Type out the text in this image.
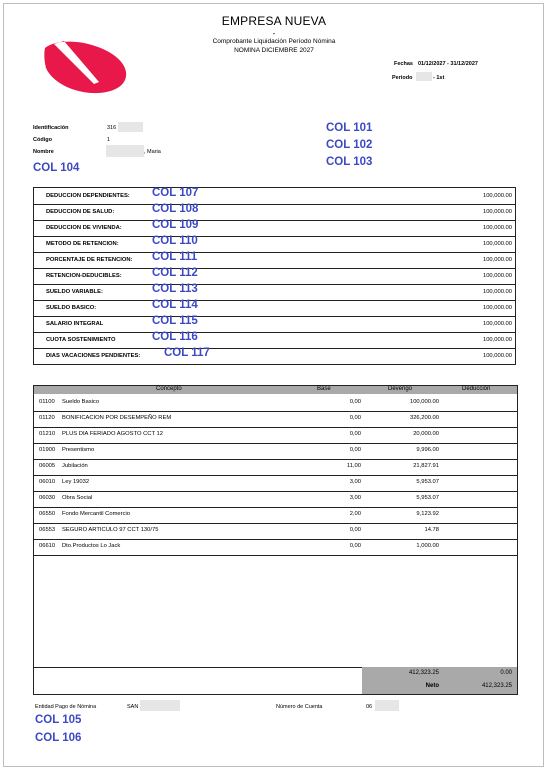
EMPRESA NUEVA
-
Comprobante Liquidación Período Nómina
NOMINA DICIEMBRE 2027
Fechas 01/12/2027 - 31/12/2027
Periodo	- 1st
Identificación	316
Código	1
Nombre	, Maria
COL 101
COL 102
COL 103
COL 104
DEDUCCION DEPENDIENTES: COL 107	100,000.00
DEDUCCION DE SALUD:	COL 108	100,000.00
DEDUCCION DE VIVIENDA:	COL 109	100,000.00
METODO DE RETENCION:	COL 110	100,000.00
PORCENTAJE DE RETENCION: COL 111	100,000.00
RETENCION-DEDUCIBLES:	COL 112	100,000.00
SUELDO VARIABLE:	COL 113	100,000.00
SUELDO BASICO:	COL 114	100,000.00
SALARIO INTEGRAL	COL 115	100,000.00
CUOTA SOSTENIMIENTO	COL 116	100,000.00
DIAS VACACIONES PENDIENTES: COL 117	100,000.00
Concepto	Base	Devengo	Deducción
01100 Sueldo Basico	0,00	100,000.00
01120 BONIFICACION POR DESEMPEÑO REM	0,00	326,200.00
01210 PLUS DIA FERIADO AGOSTO CCT 12	0,00	20,000.00
01900 Presentismo	0,00	9,996.00
06005 Jubilación	11,00	21,827.91
06010 Ley 19032	3,00	5,953.07
06030 Obra Social	3,00	5,953.07
06550 Fondo Mercantil Comercio	2,00	9,123.92
06553 SEGURO ARTICULO 97 CCT 130/75	0,00	14.78
06610 Dto.Productos Lo Jack	0,00	1,000.00
412,323.25	0.00
Neto	412,323.25
Entidad Pago de Nómina	SAN	Número de Cuenta	06
COL 105
COL 106
